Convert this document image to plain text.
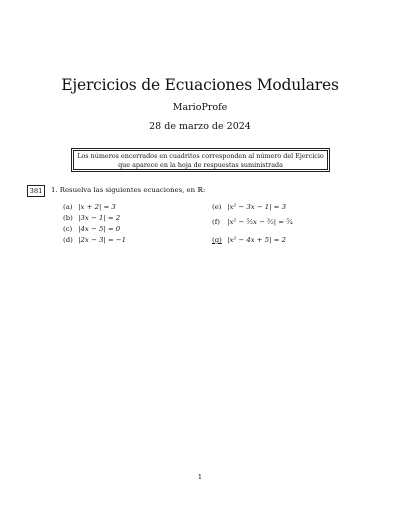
Ejercicios de Ecuaciones Modulares
MarioProfe
28 de marzo de 2024
Los números encerrados en cuadritos corresponden al número del Ejercicio
que aparece en la hoja de respuestas suministrada
381	1. Resuelva las siguientes ecuaciones, en ℝ:
(a) |x + 2| = 3
(b) |3x − 1| = 2
(c) |4x − 5| = 0
(d) |2x − 3| = −1
(e) |x² − 3x − 1| = 3
(f) |x² − ⁵⁄₂x − ³⁄₂| = ⁵⁄₄
(g) |x² − 4x + 5| = 2
1
